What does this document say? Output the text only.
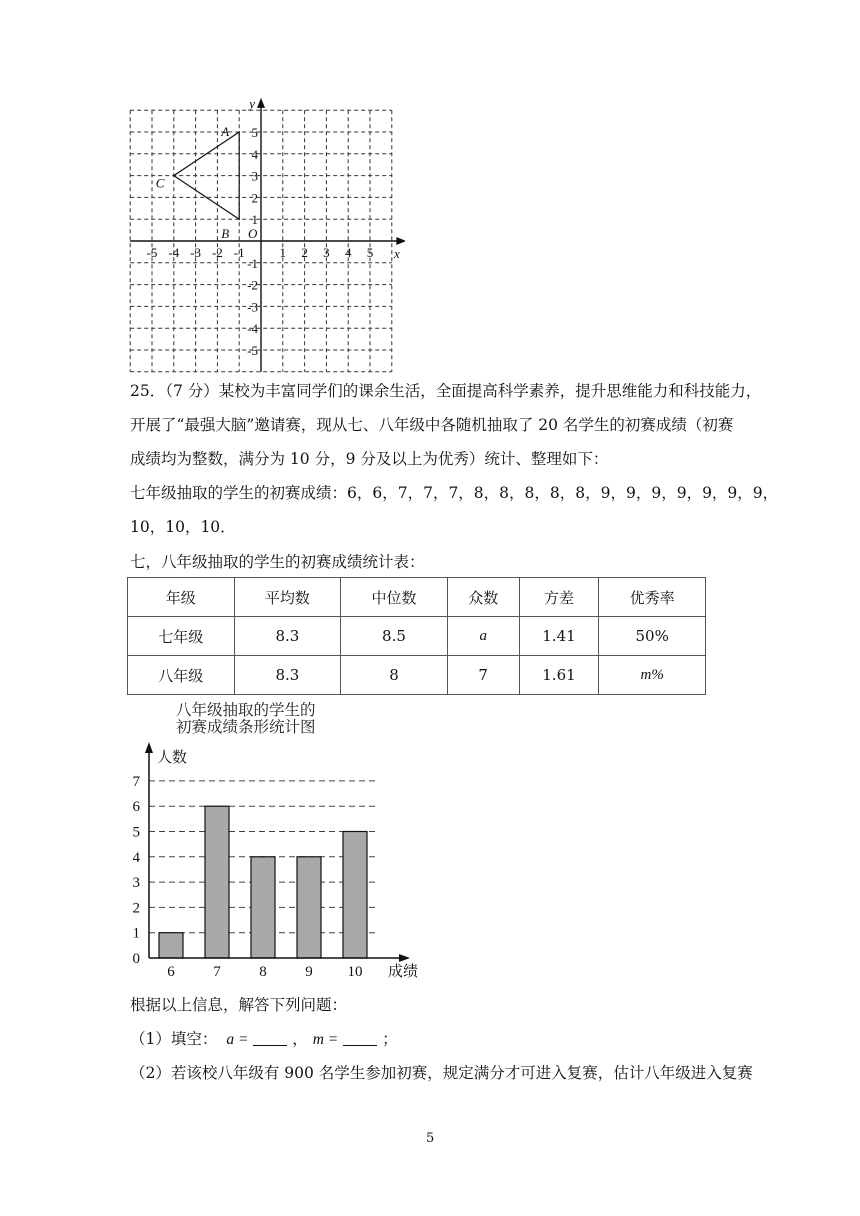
-5 -4 -3 -2 -1	1 2 3 4 5
5
4
3
2
1
-1
-2
-3
-4
-5
O
x
y
A
B
C
25．（7 分）某校为丰富同学们的课余生活，全面提高科学素养，提升思维能力和科技能力，
开展了“最强大脑”邀请赛，现从七、八年级中各随机抽取了 20 名学生的初赛成绩（初赛
成绩均为整数，满分为 10 分，9 分及以上为优秀）统计、整理如下：
七年级抽取的学生的初赛成绩：6，6，7，7，7，8，8，8，8，8，9，9，9，9，9，9，9，
10，10，10．
七，八年级抽取的学生的初赛成绩统计表：
年级	平均数	中位数	众数	方差	优秀率
七年级	8.3	8.5	a	1.41	50%
八年级	8.3	8	7	1.61	m%
八年级抽取的学生的
初赛成绩条形统计图
0
1
2
3
4
5
6
7
6	7	8	9 10
人数
成绩
根据以上信息，解答下列问题：
（1）填空： a =	， m =	；
（2）若该校八年级有 900 名学生参加初赛，规定满分才可进入复赛，估计八年级进入复赛
5
